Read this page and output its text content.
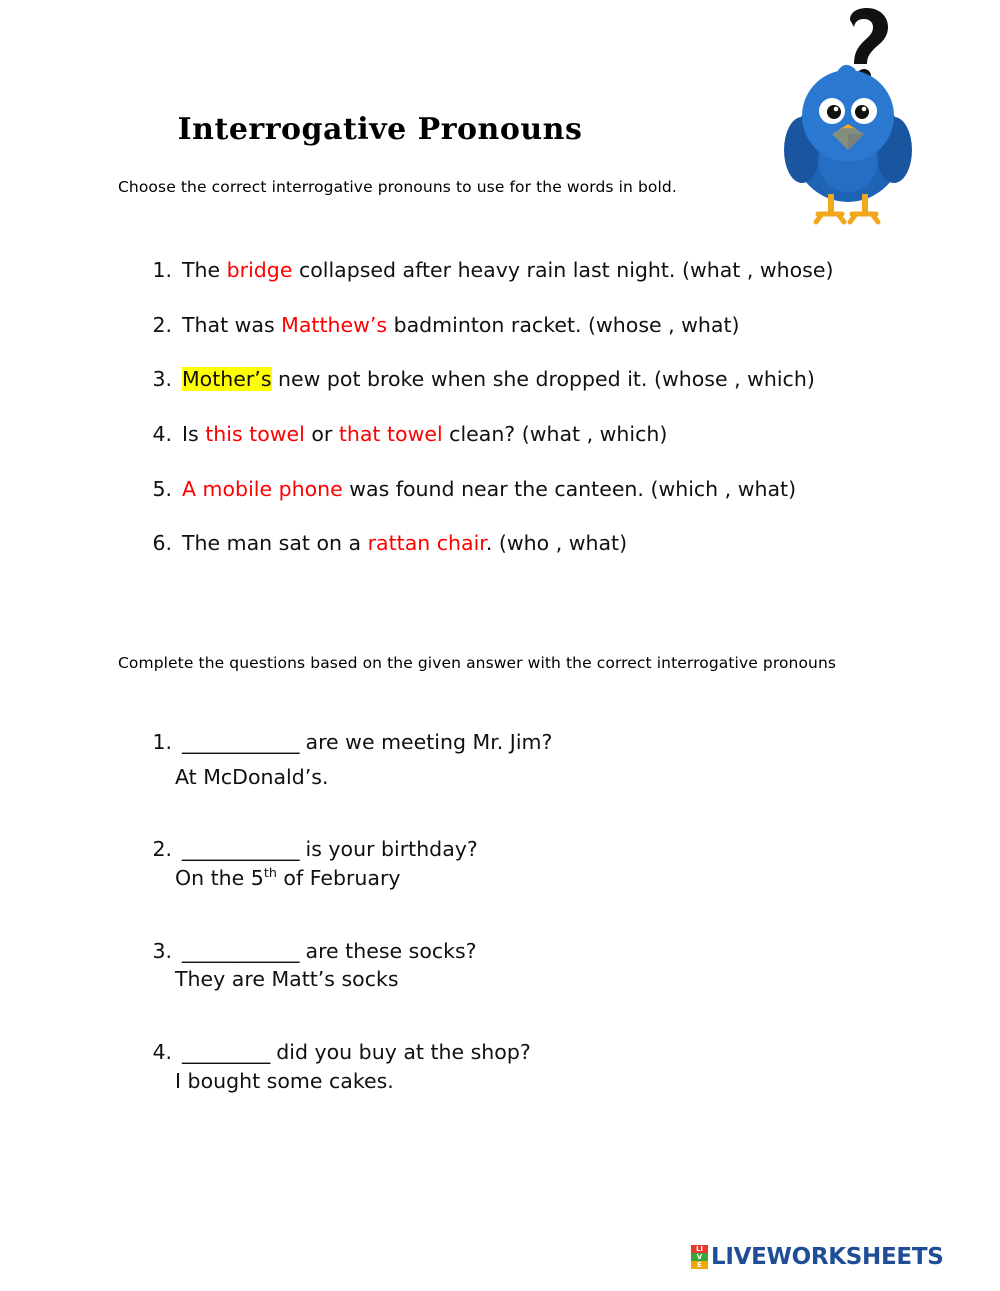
Interrogative Pronouns
Choose the correct interrogative pronouns to use for the words in bold.
1. The bridge collapsed after heavy rain last night. (what , whose)
2. That was Matthew’s badminton racket. (whose , what)
3. Mother’s new pot broke when she dropped it. (whose , which)
4. Is this towel or that towel clean? (what , which)
5. A mobile phone was found near the canteen. (which , what)
6. The man sat on a rattan chair. (who , what)
Complete the questions based on the given answer with the correct interrogative pronouns
1. ____________ are we meeting Mr. Jim?
At McDonald’s.
2. ____________ is your birthday?
On the 5th of February
3. ____________ are these socks?
They are Matt’s socks
4. _________ did you buy at the shop?
I bought some cakes.
LI
V
E LIVEWORKSHEETS
